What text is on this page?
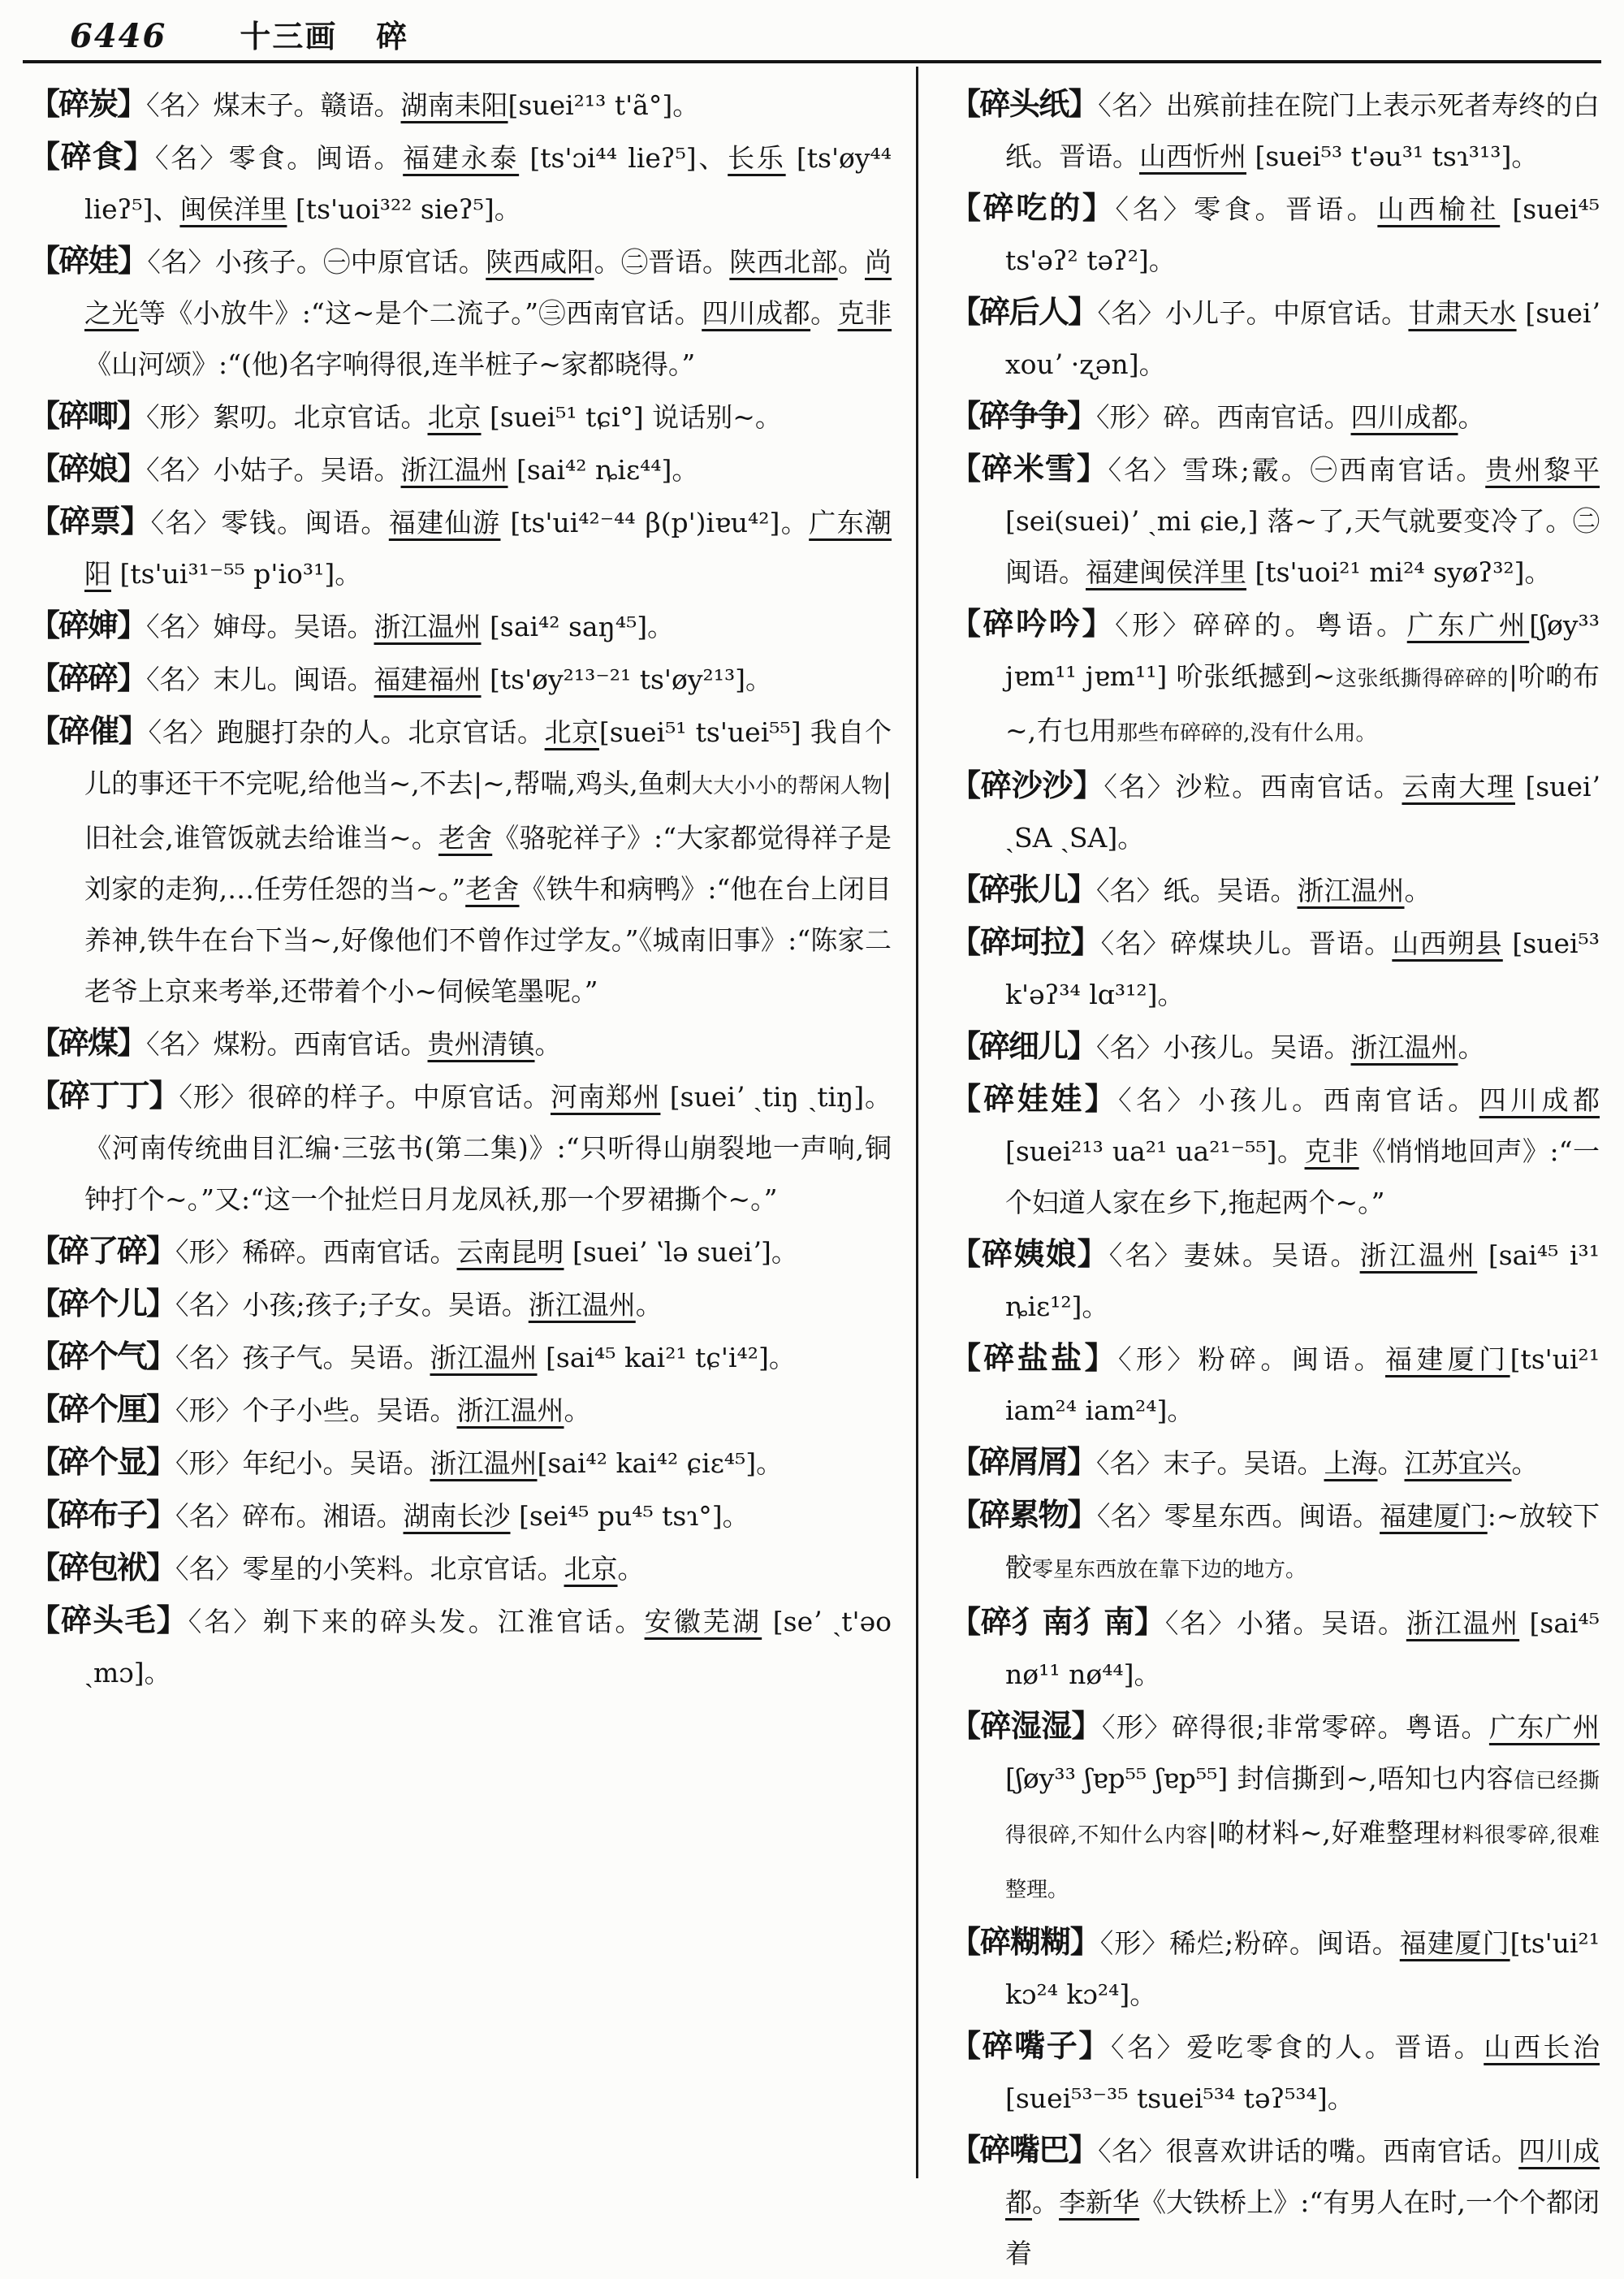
6446 十三画 碎

【碎炭】〈名〉煤末子。赣语。湖南耒阳[suei²¹³ t'ã°]。

【碎食】〈名〉零食。闽语。福建永泰 [ts'ɔi⁴⁴ lieʔ⁵]、长乐 [ts'øy⁴⁴ lieʔ⁵]、闽侯洋里 [ts'uoi³²² sieʔ⁵]。

【碎娃】〈名〉小孩子。㊀中原官话。陕西咸阳。㊁晋语。陕西北部。尚之光等《小放牛》:“这~是个二流子。”㊂西南官话。四川成都。克非《山河颂》:“(他)名字响得很,连半桩子~家都晓得。”

【碎唧】〈形〉絮叨。北京官话。北京 [suei⁵¹ tɕi°] 说话别~。

【碎娘】〈名〉小姑子。吴语。浙江温州 [sai⁴² ȵiɛ⁴⁴]。

【碎票】〈名〉零钱。闽语。福建仙游 [ts'ui⁴²⁻⁴⁴ β(p')iɐu⁴²]。广东潮阳 [ts'ui³¹⁻⁵⁵ p'io³¹]。

【碎婶】〈名〉婶母。吴语。浙江温州 [sai⁴² saŋ⁴⁵]。

【碎碎】〈名〉末儿。闽语。福建福州 [ts'øy²¹³⁻²¹ ts'øy²¹³]。

【碎催】〈名〉跑腿打杂的人。北京官话。北京[suei⁵¹ ts'uei⁵⁵] 我自个儿的事还干不完呢,给他当~,不去|~,帮喘,鸡头,鱼刺大大小小的帮闲人物|旧社会,谁管饭就去给谁当~。老舍《骆驼祥子》:“大家都觉得祥子是刘家的走狗,…任劳任怨的当~。”老舍《铁牛和病鸭》:“他在台上闭目养神,铁牛在台下当~,好像他们不曾作过学友。”《城南旧事》:“陈家二老爷上京来考举,还带着个小~伺候笔墨呢。”

【碎煤】〈名〉煤粉。西南官话。贵州清镇。

【碎丁丁】〈形〉很碎的样子。中原官话。河南郑州 [sueiʼ ˏtiŋ ˏtiŋ]。《河南传统曲目汇编·三弦书(第二集)》:“只听得山崩裂地一声响,铜钟打个~。”又:“这一个扯烂日月龙凤袄,那一个罗裙撕个~。”

【碎了碎】〈形〉稀碎。西南官话。云南昆明 [sueiʼ ʽlə sueiʼ]。

【碎个儿】〈名〉小孩;孩子;子女。吴语。浙江温州。

【碎个气】〈名〉孩子气。吴语。浙江温州 [sai⁴⁵ kai²¹ tɕ'i⁴²]。

【碎个厘】〈形〉个子小些。吴语。浙江温州。

【碎个显】〈形〉年纪小。吴语。浙江温州[sai⁴² kai⁴² ɕiɛ⁴⁵]。

【碎布子】〈名〉碎布。湘语。湖南长沙 [sei⁴⁵ pu⁴⁵ tsɿ°]。

【碎包袱】〈名〉零星的小笑料。北京官话。北京。

【碎头毛】〈名〉剃下来的碎头发。江淮官话。安徽芜湖 [seʼ ˏt'əo ˏmɔ]。

【碎头纸】〈名〉出殡前挂在院门上表示死者寿终的白纸。晋语。山西忻州 [suei⁵³ t'əu³¹ tsɿ³¹³]。

【碎吃的】〈名〉零食。晋语。山西榆社 [suei⁴⁵ ts'əʔ² təʔ²]。

【碎后人】〈名〉小儿子。中原官话。甘肃天水 [sueiʼ xouʼ ·ʐən]。

【碎争争】〈形〉碎。西南官话。四川成都。

【碎米雪】〈名〉雪珠;霰。㊀西南官话。贵州黎平 [sei(suei)ʼ ˏmi ɕie,] 落~了,天气就要变冷了。㊁闽语。福建闽侯洋里 [ts'uoi²¹ mi²⁴ syøʔ³²]。

【碎吟吟】〈形〉碎碎的。粤语。广东广州[ʃøy³³ jɐm¹¹ jɐm¹¹] 吤张纸撼到~这张纸撕得碎碎的|吤啲布~,冇乜用那些布碎碎的,没有什么用。

【碎沙沙】〈名〉沙粒。西南官话。云南大理 [sueiʼ ˏSA ˏSA]。

【碎张儿】〈名〉纸。吴语。浙江温州。

【碎坷拉】〈名〉碎煤块儿。晋语。山西朔县 [suei⁵³ k'əʔ³⁴ lɑ³¹²]。

【碎细儿】〈名〉小孩儿。吴语。浙江温州。

【碎娃娃】〈名〉小孩儿。西南官话。四川成都[suei²¹³ ua²¹ ua²¹⁻⁵⁵]。克非《悄悄地回声》:“一个妇道人家在乡下,拖起两个~。”

【碎姨娘】〈名〉妻妹。吴语。浙江温州 [sai⁴⁵ i³¹ ȵiɛ¹²]。

【碎盐盐】〈形〉粉碎。闽语。福建厦门[ts'ui²¹ iam²⁴ iam²⁴]。

【碎屑屑】〈名〉末子。吴语。上海。江苏宜兴。

【碎累物】〈名〉零星东西。闽语。福建厦门:~放较下骹零星东西放在靠下边的地方。

【碎犭南犭南】〈名〉小猪。吴语。浙江温州 [sai⁴⁵ nø¹¹ nø⁴⁴]。

【碎湿湿】〈形〉碎得很;非常零碎。粤语。广东广州 [ʃøy³³ ʃɐp⁵⁵ ʃɐp⁵⁵] 封信撕到~,唔知乜内容信已经撕得很碎,不知什么内容|啲材料~,好难整理材料很零碎,很难整理。

【碎糊糊】〈形〉稀烂;粉碎。闽语。福建厦门[ts'ui²¹ kɔ²⁴ kɔ²⁴]。

【碎嘴子】〈名〉爱吃零食的人。晋语。山西长治 [suei⁵³⁻³⁵ tsuei⁵³⁴ təʔ⁵³⁴]。

【碎嘴巴】〈名〉很喜欢讲话的嘴。西南官话。四川成都。李新华《大铁桥上》:“有男人在时,一个个都闭着
